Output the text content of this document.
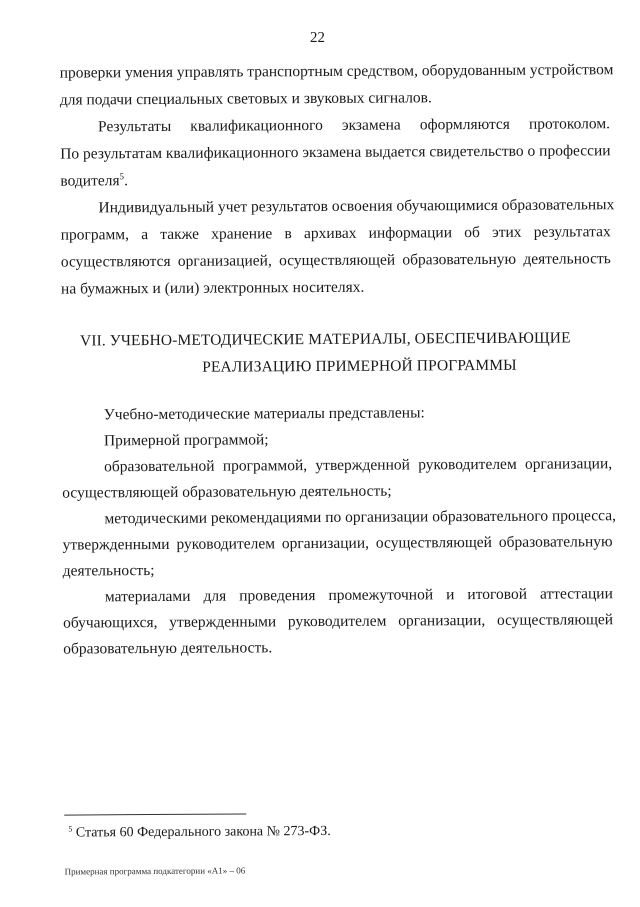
22
проверки умения управлять транспортным средством, оборудованным устройством
для подачи специальных световых и звуковых сигналов.
Результаты квалификационного экзамена оформляются протоколом.
По результатам квалификационного экзамена выдается свидетельство о профессии
водителя$^5$.
Индивидуальный учет результатов освоения обучающимися образовательных
программ, а также хранение в архивах информации об этих результатах
осуществляются организацией, осуществляющей образовательную деятельность
на бумажных и (или) электронных носителях.
VII. УЧЕБНО-МЕТОДИЧЕСКИЕ МАТЕРИАЛЫ, ОБЕСПЕЧИВАЮЩИЕ
РЕАЛИЗАЦИЮ ПРИМЕРНОЙ ПРОГРАММЫ
Учебно-методические материалы представлены:
Примерной программой;
образовательной программой, утвержденной руководителем организации,
осуществляющей образовательную деятельность;
методическими рекомендациями по организации образовательного процесса,
утвержденными руководителем организации, осуществляющей образовательную
деятельность;
материалами для проведения промежуточной и итоговой аттестации
обучающихся, утвержденными руководителем организации, осуществляющей
образовательную деятельность.
$^5$ Статья 60 Федерального закона № 273-ФЗ.
Примерная программа подкатегории «А1» – 06
